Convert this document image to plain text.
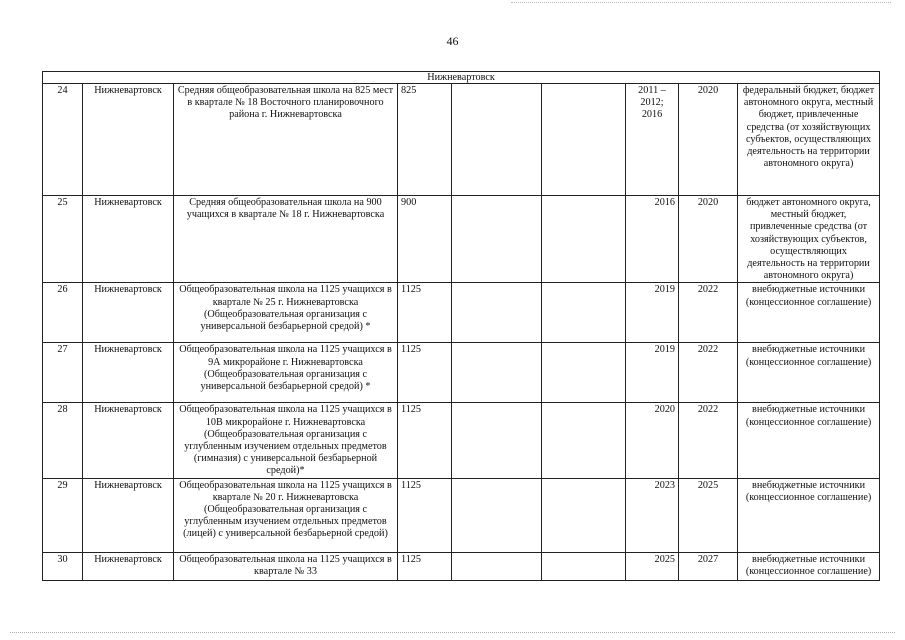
46
Нижневартовск								
24	Нижневартовск	Средняя общеобразовательная школа на 825 мест в квартале № 18 Восточного планировочного района г. Нижневартовска	825			2011 – 2012; 2016	2020	федеральный бюджет, бюджет автономного округа, местный бюджет, привлеченные средства (от хозяйствующих субъектов, осуществляющих деятельность на территории автономного округа)
25	Нижневартовск	Средняя общеобразовательная школа на 900 учащихся в квартале № 18 г. Нижневартовска	900			2016	2020	бюджет автономного округа, местный бюджет, привлеченные средства (от хозяйствующих субъектов, осуществляющих деятельность на территории автономного округа)
26	Нижневартовск	Общеобразовательная школа на 1125 учащихся в квартале № 25 г. Нижневартовска (Общеобразовательная организация с универсальной безбарьерной средой) *	1125			2019	2022	внебюджетные источники (концессионное соглашение)
27	Нижневартовск	Общеобразовательная школа на 1125 учащихся в 9А микрорайоне г. Нижневартовска (Общеобразовательная организация с универсальной безбарьерной средой) *	1125			2019	2022	внебюджетные источники (концессионное соглашение)
28	Нижневартовск	Общеобразовательная школа на 1125 учащихся в 10В микрорайоне г. Нижневартовска (Общеобразовательная организация с углубленным изучением отдельных предметов (гимназия) с универсальной безбарьерной средой)*	1125			2020	2022	внебюджетные источники (концессионное соглашение)
29	Нижневартовск	Общеобразовательная школа на 1125 учащихся в квартале № 20 г. Нижневартовска (Общеобразовательная организация с углубленным изучением отдельных предметов (лицей) с универсальной безбарьерной средой)	1125			2023	2025	внебюджетные источники (концессионное соглашение)
30	Нижневартовск	Общеобразовательная школа на 1125 учащихся в квартале № 33	1125			2025	2027	внебюджетные источники (концессионное соглашение)
